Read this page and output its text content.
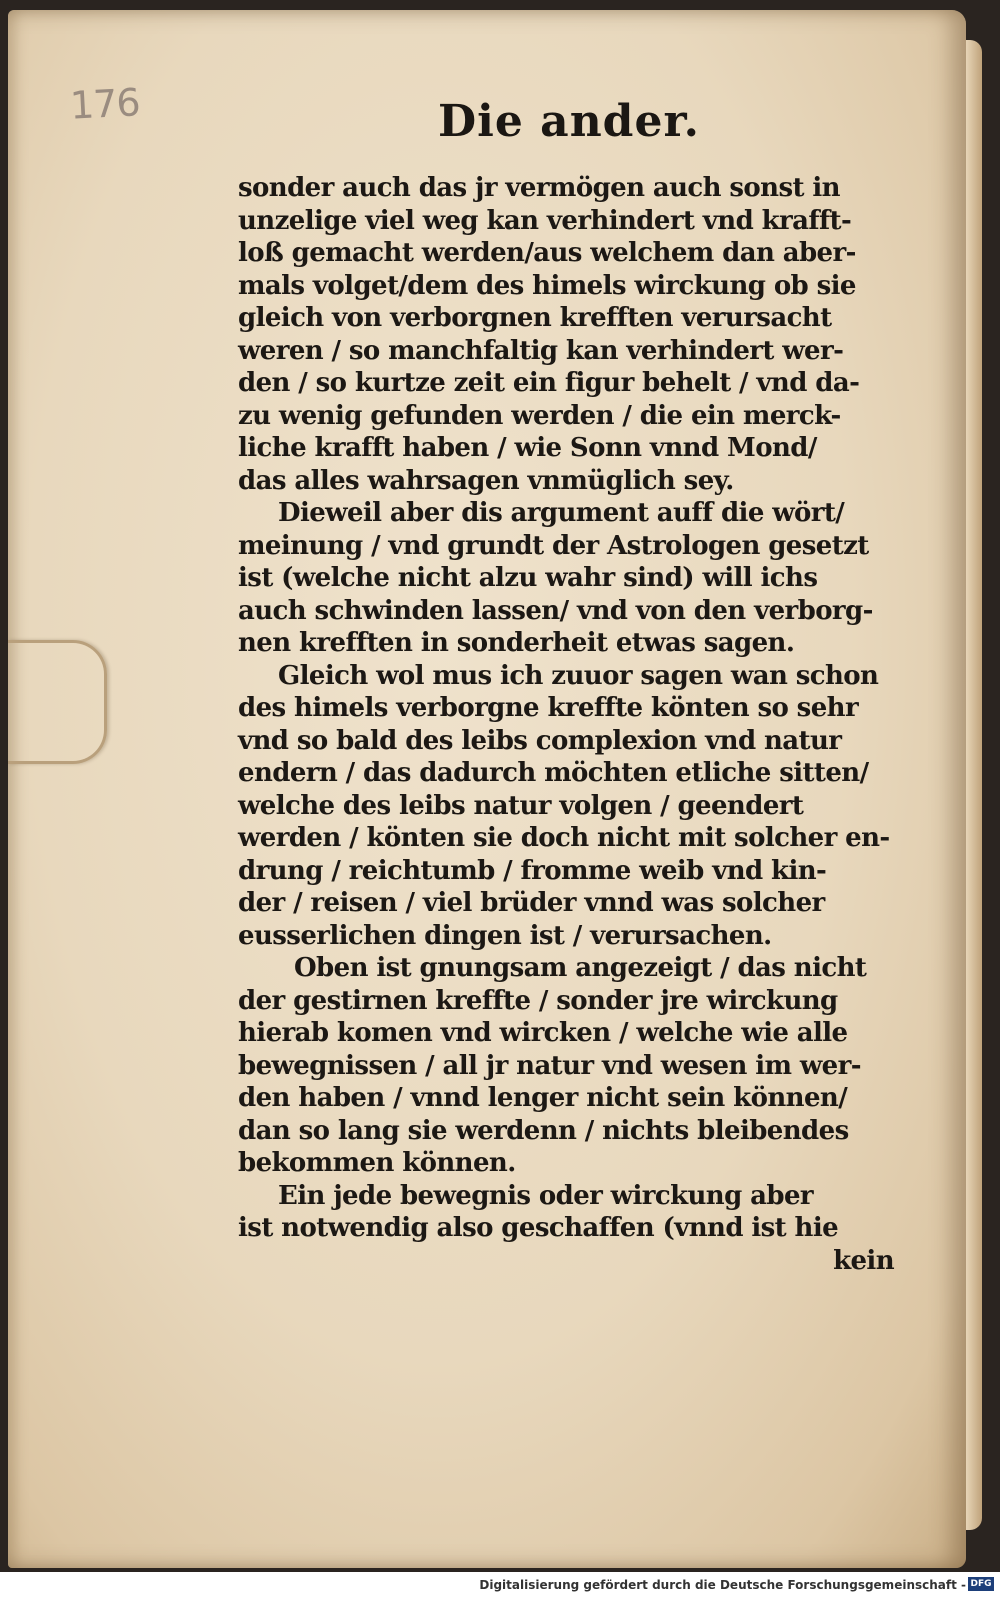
176	Die ander.
sonder auch das jr vermögen auch sonst in
unzelige viel weg kan verhindert vnd krafft-
loß gemacht werden/aus welchem dan aber-
mals volget/dem des himels wirckung ob sie
gleich von verborgnen krefften verursacht
weren / so manchfaltig kan verhindert wer-
den / so kurtze zeit ein figur behelt / vnd da-
zu wenig gefunden werden / die ein merck-
liche krafft haben / wie Sonn vnnd Mond/
das alles wahrsagen vnmüglich sey.
Dieweil aber dis argument auff die wört/
meinung / vnd grundt der Astrologen gesetzt
ist (welche nicht alzu wahr sind) will ichs
auch schwinden lassen/ vnd von den verborg-
nen krefften in sonderheit etwas sagen.
Gleich wol mus ich zuuor sagen wan schon
des himels verborgne kreffte könten so sehr
vnd so bald des leibs complexion vnd natur
endern / das dadurch möchten etliche sitten/
welche des leibs natur volgen / geendert
werden / könten sie doch nicht mit solcher en-
drung / reichtumb / fromme weib vnd kin-
der / reisen / viel brüder vnnd was solcher
eusserlichen dingen ist / verursachen.
Oben ist gnungsam angezeigt / das nicht
der gestirnen kreffte / sonder jre wirckung
hierab komen vnd wircken / welche wie alle
bewegnissen / all jr natur vnd wesen im wer-
den haben / vnnd lenger nicht sein können/
dan so lang sie werdenn / nichts bleibendes
bekommen können.
Ein jede bewegnis oder wirckung aber
ist notwendig also geschaffen (vnnd ist hie
kein
Digitalisierung gefördert durch die Deutsche Forschungsgemeinschaft - DFG
